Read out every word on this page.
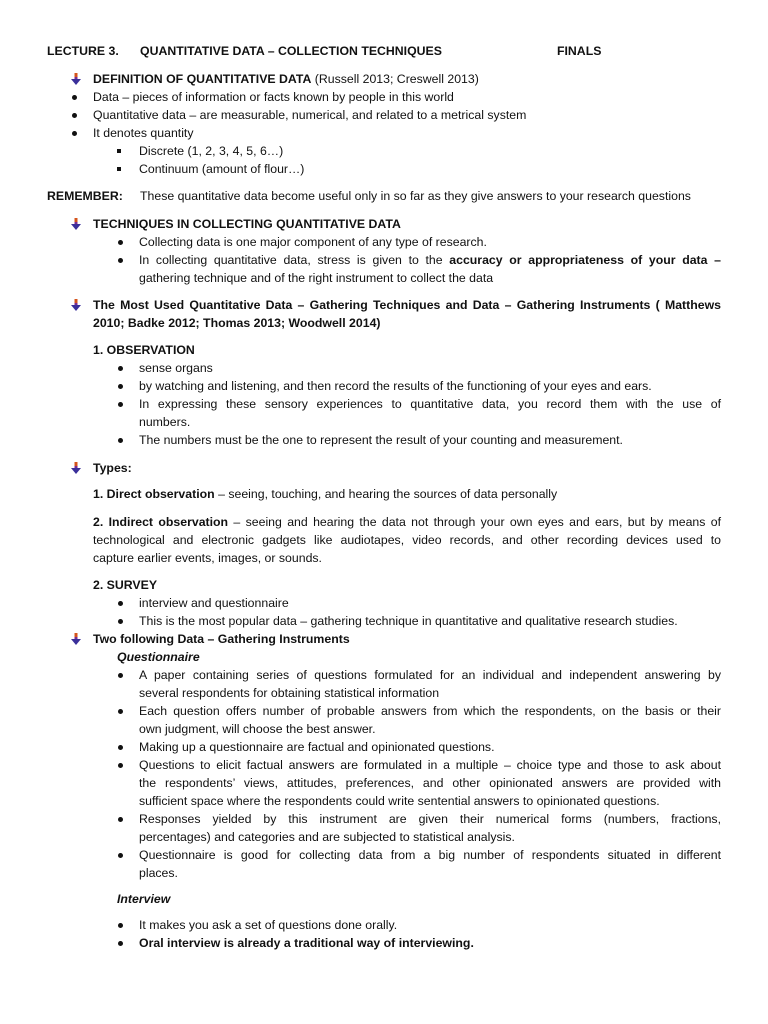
LECTURE 3. QUANTITATIVE DATA – COLLECTION TECHNIQUES	FINALS
DEFINITION OF QUANTITATIVE DATA (Russell 2013; Creswell 2013)
Data – pieces of information or facts known by people in this world
Quantitative data – are measurable, numerical, and related to a metrical system
It denotes quantity
Discrete (1, 2, 3, 4, 5, 6…)
Continuum (amount of flour…)
REMEMBER: These quantitative data become useful only in so far as they give answers to your research questions
TECHNIQUES IN COLLECTING QUANTITATIVE DATA
Collecting data is one major component of any type of research.
In collecting quantitative data, stress is given to the accuracy or appropriateness of your data –
gathering technique and of the right instrument to collect the data
The Most Used Quantitative Data – Gathering Techniques and Data – Gathering Instruments ( Matthews
2010; Badke 2012; Thomas 2013; Woodwell 2014)
1. OBSERVATION
sense organs
by watching and listening, and then record the results of the functioning of your eyes and ears.
In expressing these sensory experiences to quantitative data, you record them with the use of
numbers.
The numbers must be the one to represent the result of your counting and measurement.
Types:
1. Direct observation – seeing, touching, and hearing the sources of data personally
2. Indirect observation – seeing and hearing the data not through your own eyes and ears, but by means of
technological and electronic gadgets like audiotapes, video records, and other recording devices used to
capture earlier events, images, or sounds.
2. SURVEY
interview and questionnaire
This is the most popular data – gathering technique in quantitative and qualitative research studies.
Two following Data – Gathering Instruments
Questionnaire
A paper containing series of questions formulated for an individual and independent answering by
several respondents for obtaining statistical information
Each question offers number of probable answers from which the respondents, on the basis or their
own judgment, will choose the best answer.
Making up a questionnaire are factual and opinionated questions.
Questions to elicit factual answers are formulated in a multiple – choice type and those to ask about
the respondents’ views, attitudes, preferences, and other opinionated answers are provided with
sufficient space where the respondents could write sentential answers to opinionated questions.
Responses yielded by this instrument are given their numerical forms (numbers, fractions,
percentages) and categories and are subjected to statistical analysis.
Questionnaire is good for collecting data from a big number of respondents situated in different
places.
Interview
It makes you ask a set of questions done orally.
Oral interview is already a traditional way of interviewing.
